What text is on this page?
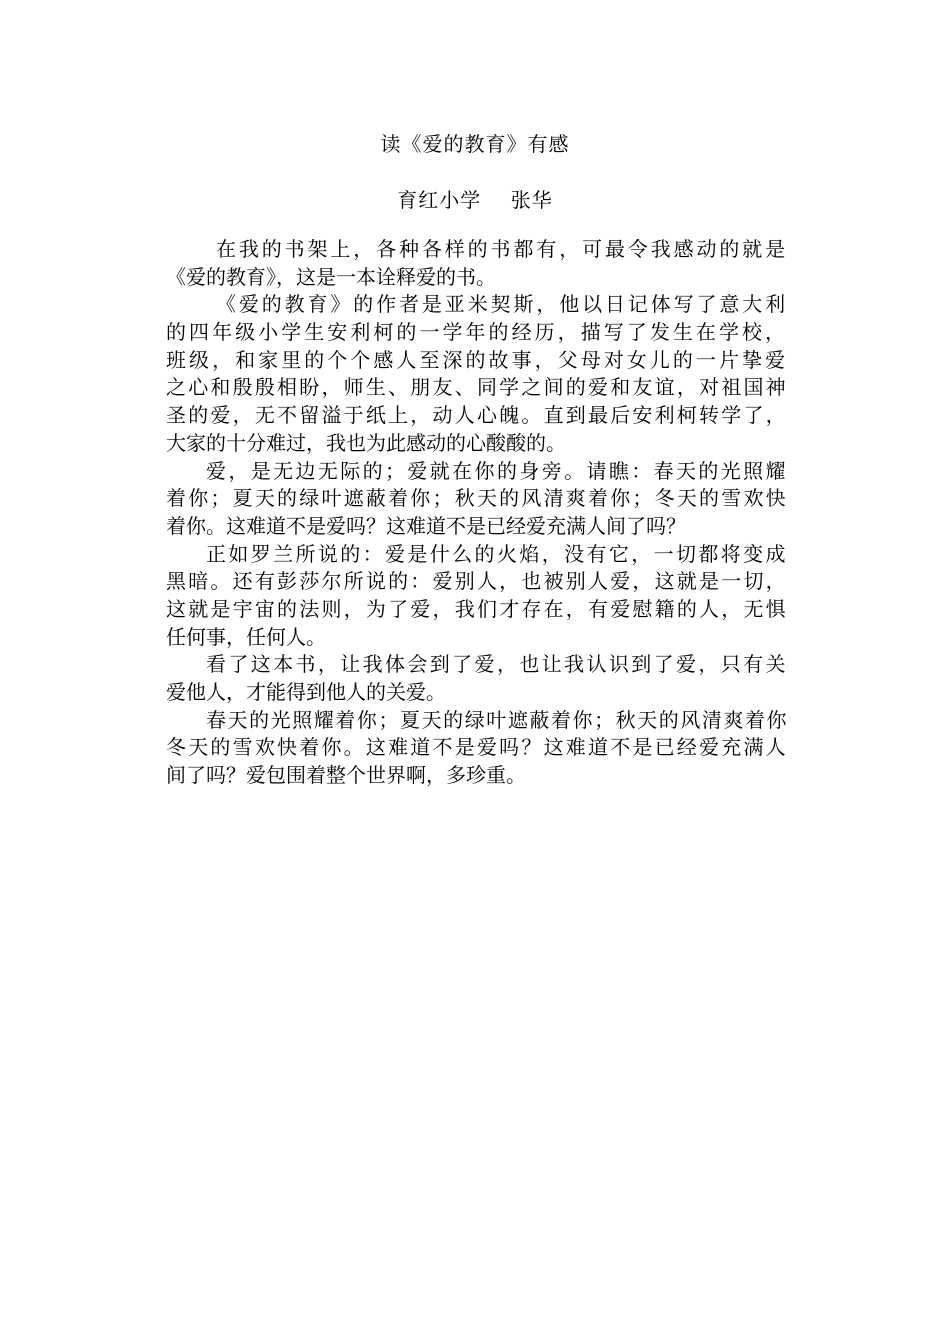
读《爱的教育》有感
育红小学    张华
在我的书架上，各种各样的书都有，可最令我感动的就是
《爱的教育》，这是一本诠释爱的书。
《爱的教育》的作者是亚米契斯，他以日记体写了意大利
的四年级小学生安利柯的一学年的经历，描写了发生在学校，
班级，和家里的个个感人至深的故事，父母对女儿的一片挚爱
之心和殷殷相盼，师生、朋友、同学之间的爱和友谊，对祖国神
圣的爱，无不留溢于纸上，动人心魄。直到最后安利柯转学了，
大家的十分难过，我也为此感动的心酸酸的。
爱，是无边无际的；爱就在你的身旁。请瞧：春天的光照耀
着你；夏天的绿叶遮蔽着你；秋天的风清爽着你；冬天的雪欢快
着你。这难道不是爱吗？这难道不是已经爱充满人间了吗？
正如罗兰所说的：爱是什么的火焰，没有它，一切都将变成
黑暗。还有彭莎尔所说的：爱别人，也被别人爱，这就是一切，
这就是宇宙的法则，为了爱，我们才存在，有爱慰籍的人，无惧
任何事，任何人。
看了这本书，让我体会到了爱，也让我认识到了爱，只有关
爱他人，才能得到他人的关爱。
春天的光照耀着你；夏天的绿叶遮蔽着你；秋天的风清爽着你
冬天的雪欢快着你。这难道不是爱吗？这难道不是已经爱充满人
间了吗？爱包围着整个世界啊，多珍重。
